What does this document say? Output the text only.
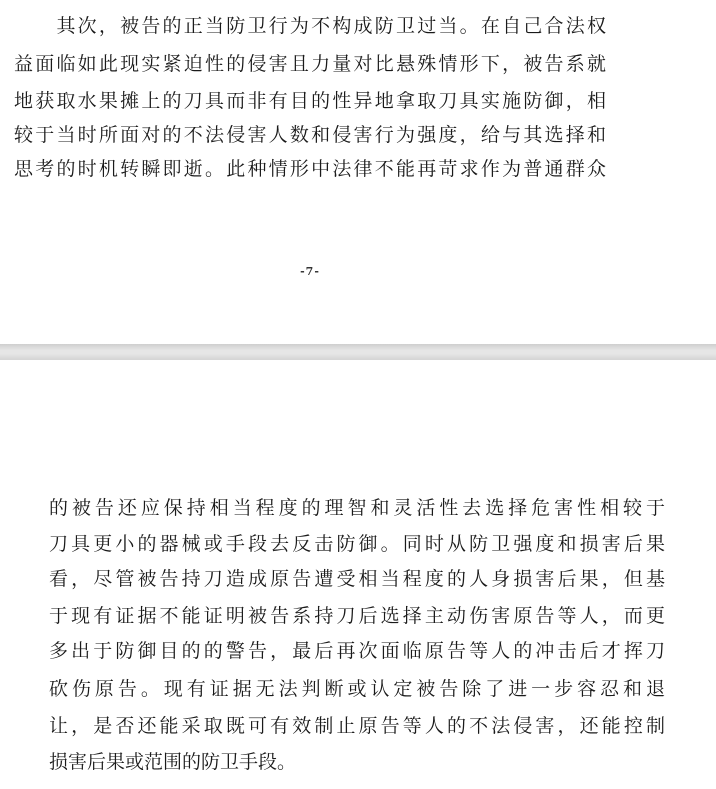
　　其次，被告的正当防卫行为不构成防卫过当。在自己合法权
益面临如此现实紧迫性的侵害且力量对比悬殊情形下，被告系就
地获取水果摊上的刀具而非有目的性异地拿取刀具实施防御，相
较于当时所面对的不法侵害人数和侵害行为强度，给与其选择和
思考的时机转瞬即逝。此种情形中法律不能再苛求作为普通群众
-7-
的被告还应保持相当程度的理智和灵活性去选择危害性相较于
刀具更小的器械或手段去反击防御。同时从防卫强度和损害后果
看，尽管被告持刀造成原告遭受相当程度的人身损害后果，但基
于现有证据不能证明被告系持刀后选择主动伤害原告等人，而更
多出于防御目的的警告，最后再次面临原告等人的冲击后才挥刀
砍伤原告。现有证据无法判断或认定被告除了进一步容忍和退
让，是否还能采取既可有效制止原告等人的不法侵害，还能控制
损害后果或范围的防卫手段。
